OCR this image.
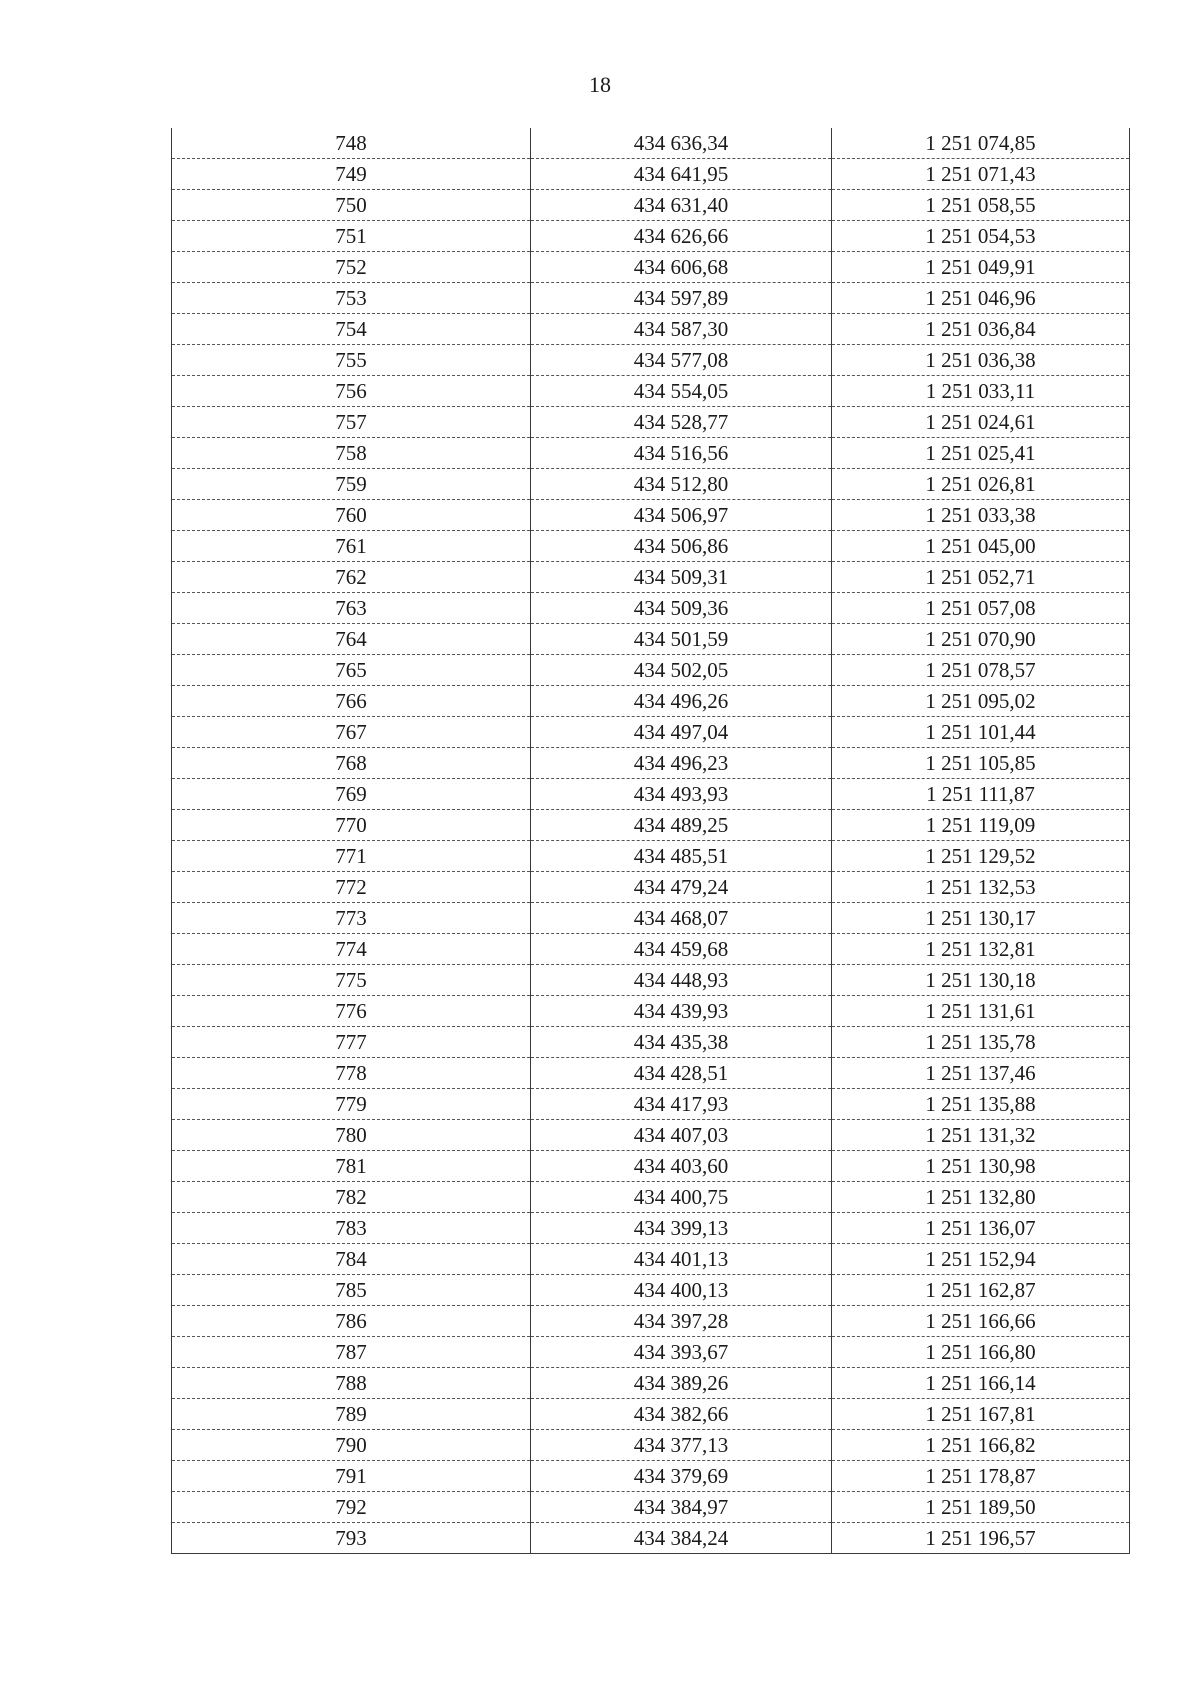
18
748	434 636,34	1 251 074,85
749	434 641,95	1 251 071,43
750	434 631,40	1 251 058,55
751	434 626,66	1 251 054,53
752	434 606,68	1 251 049,91
753	434 597,89	1 251 046,96
754	434 587,30	1 251 036,84
755	434 577,08	1 251 036,38
756	434 554,05	1 251 033,11
757	434 528,77	1 251 024,61
758	434 516,56	1 251 025,41
759	434 512,80	1 251 026,81
760	434 506,97	1 251 033,38
761	434 506,86	1 251 045,00
762	434 509,31	1 251 052,71
763	434 509,36	1 251 057,08
764	434 501,59	1 251 070,90
765	434 502,05	1 251 078,57
766	434 496,26	1 251 095,02
767	434 497,04	1 251 101,44
768	434 496,23	1 251 105,85
769	434 493,93	1 251 111,87
770	434 489,25	1 251 119,09
771	434 485,51	1 251 129,52
772	434 479,24	1 251 132,53
773	434 468,07	1 251 130,17
774	434 459,68	1 251 132,81
775	434 448,93	1 251 130,18
776	434 439,93	1 251 131,61
777	434 435,38	1 251 135,78
778	434 428,51	1 251 137,46
779	434 417,93	1 251 135,88
780	434 407,03	1 251 131,32
781	434 403,60	1 251 130,98
782	434 400,75	1 251 132,80
783	434 399,13	1 251 136,07
784	434 401,13	1 251 152,94
785	434 400,13	1 251 162,87
786	434 397,28	1 251 166,66
787	434 393,67	1 251 166,80
788	434 389,26	1 251 166,14
789	434 382,66	1 251 167,81
790	434 377,13	1 251 166,82
791	434 379,69	1 251 178,87
792	434 384,97	1 251 189,50
793	434 384,24	1 251 196,57
